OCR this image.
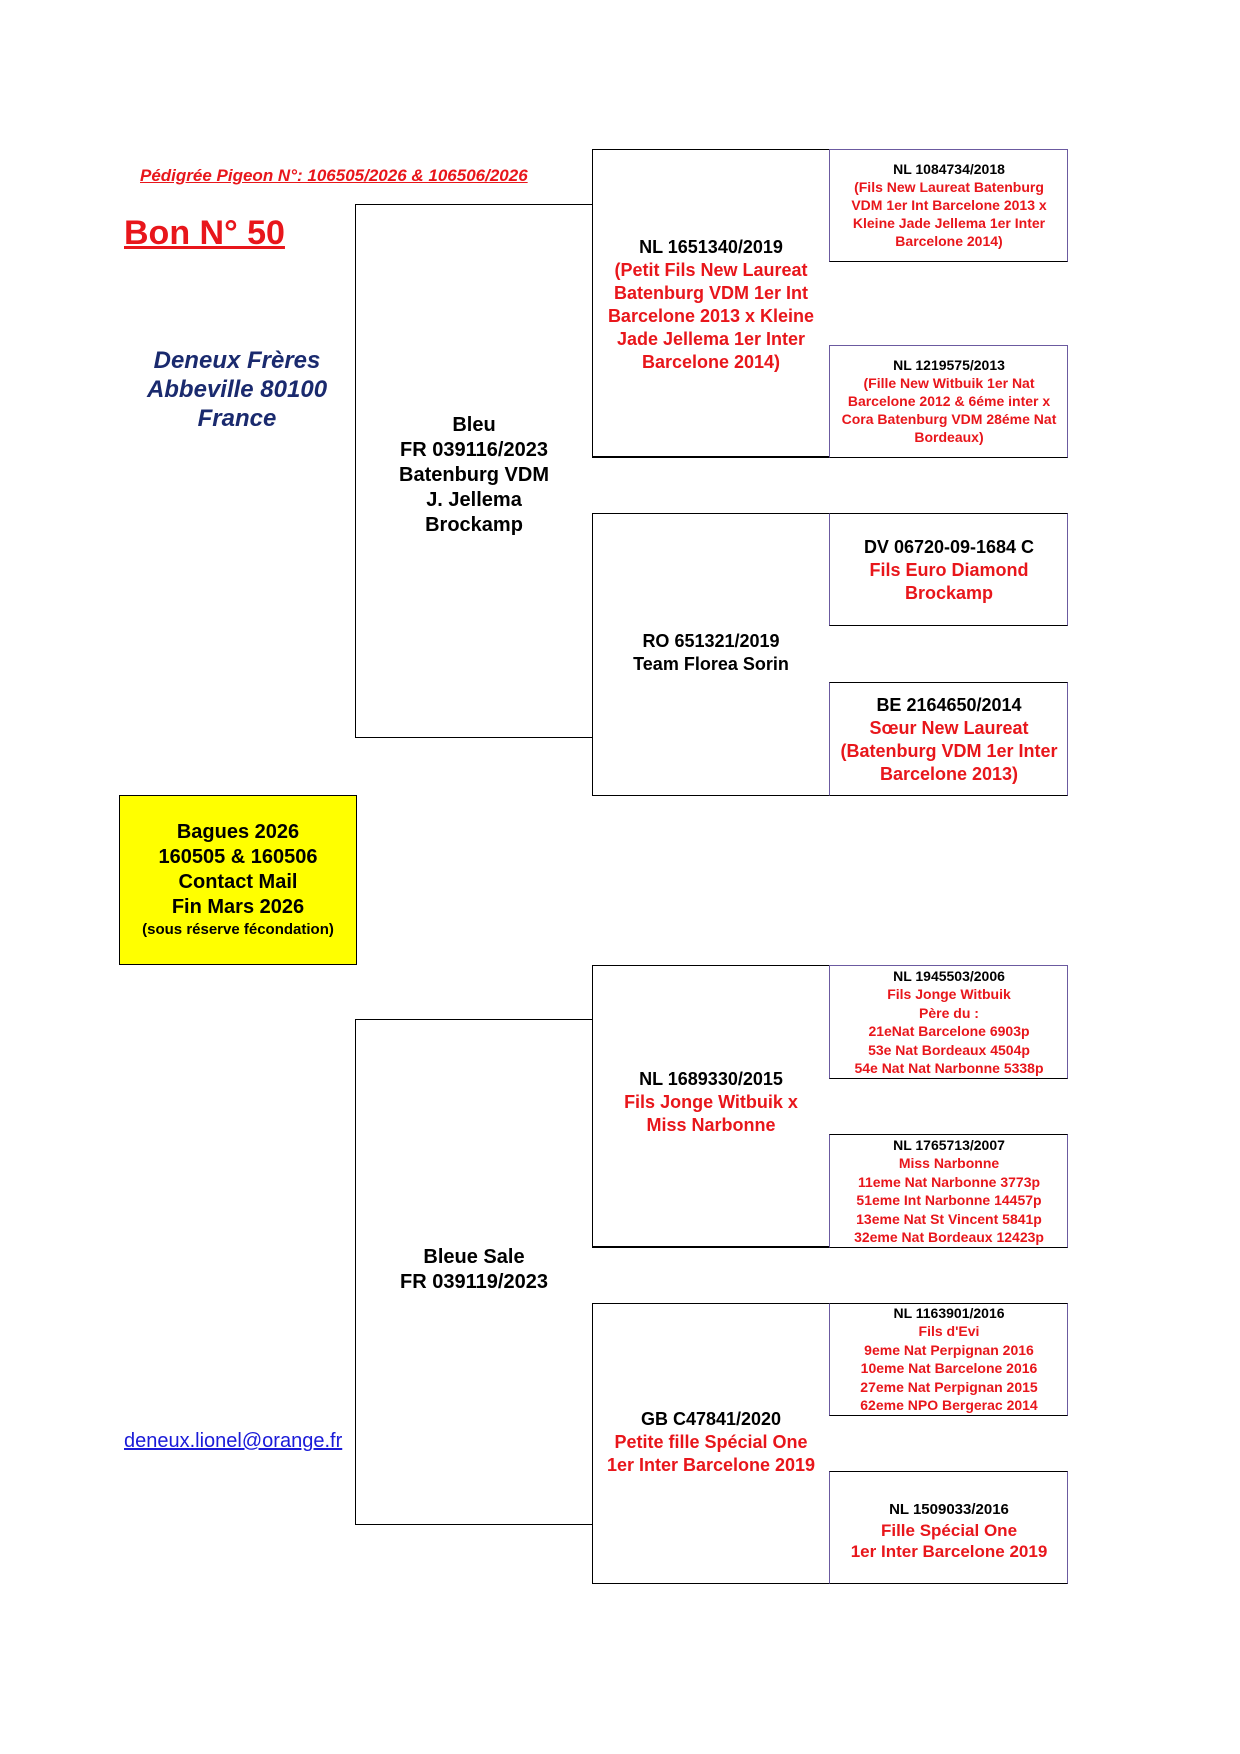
Pédigrée Pigeon N°: 106505/2026 & 106506/2026
Bon N° 50
Deneux Frères
Abbeville 80100
France
Bagues 2026
160505 & 160506
Contact Mail
Fin Mars 2026
(sous réserve fécondation)
deneux.lionel@orange.fr
Bleu
FR 039116/2023
Batenburg VDM
J. Jellema
Brockamp
Bleue Sale
FR 039119/2023
NL 1651340/2019
(Petit Fils New Laureat
Batenburg VDM 1er Int
Barcelone 2013 x Kleine
Jade Jellema 1er Inter
Barcelone 2014)
RO 651321/2019
Team Florea Sorin
NL 1689330/2015
Fils Jonge Witbuik x
Miss Narbonne
GB C47841/2020
Petite fille Spécial One
1er Inter Barcelone 2019
NL 1084734/2018
(Fils New Laureat Batenburg
VDM 1er Int Barcelone 2013 x
Kleine Jade Jellema 1er Inter
Barcelone 2014)
NL 1219575/2013
(Fille New Witbuik 1er Nat
Barcelone 2012 & 6éme inter x
Cora Batenburg VDM 28éme Nat
Bordeaux)
DV 06720-09-1684 C
Fils Euro Diamond
Brockamp
BE 2164650/2014
Sœur New Laureat
(Batenburg VDM 1er Inter
Barcelone 2013)
NL 1945503/2006
Fils Jonge Witbuik
Père du :
21eNat Barcelone 6903p
53e Nat Bordeaux 4504p
54e Nat Nat Narbonne 5338p
NL 1765713/2007
Miss Narbonne
11eme Nat Narbonne 3773p
51eme Int Narbonne 14457p
13eme Nat St Vincent 5841p
32eme Nat Bordeaux 12423p
NL 1163901/2016
Fils d'Evi
9eme Nat Perpignan 2016
10eme Nat Barcelone 2016
27eme Nat Perpignan 2015
62eme NPO Bergerac 2014
NL 1509033/2016
Fille Spécial One
1er Inter Barcelone 2019
